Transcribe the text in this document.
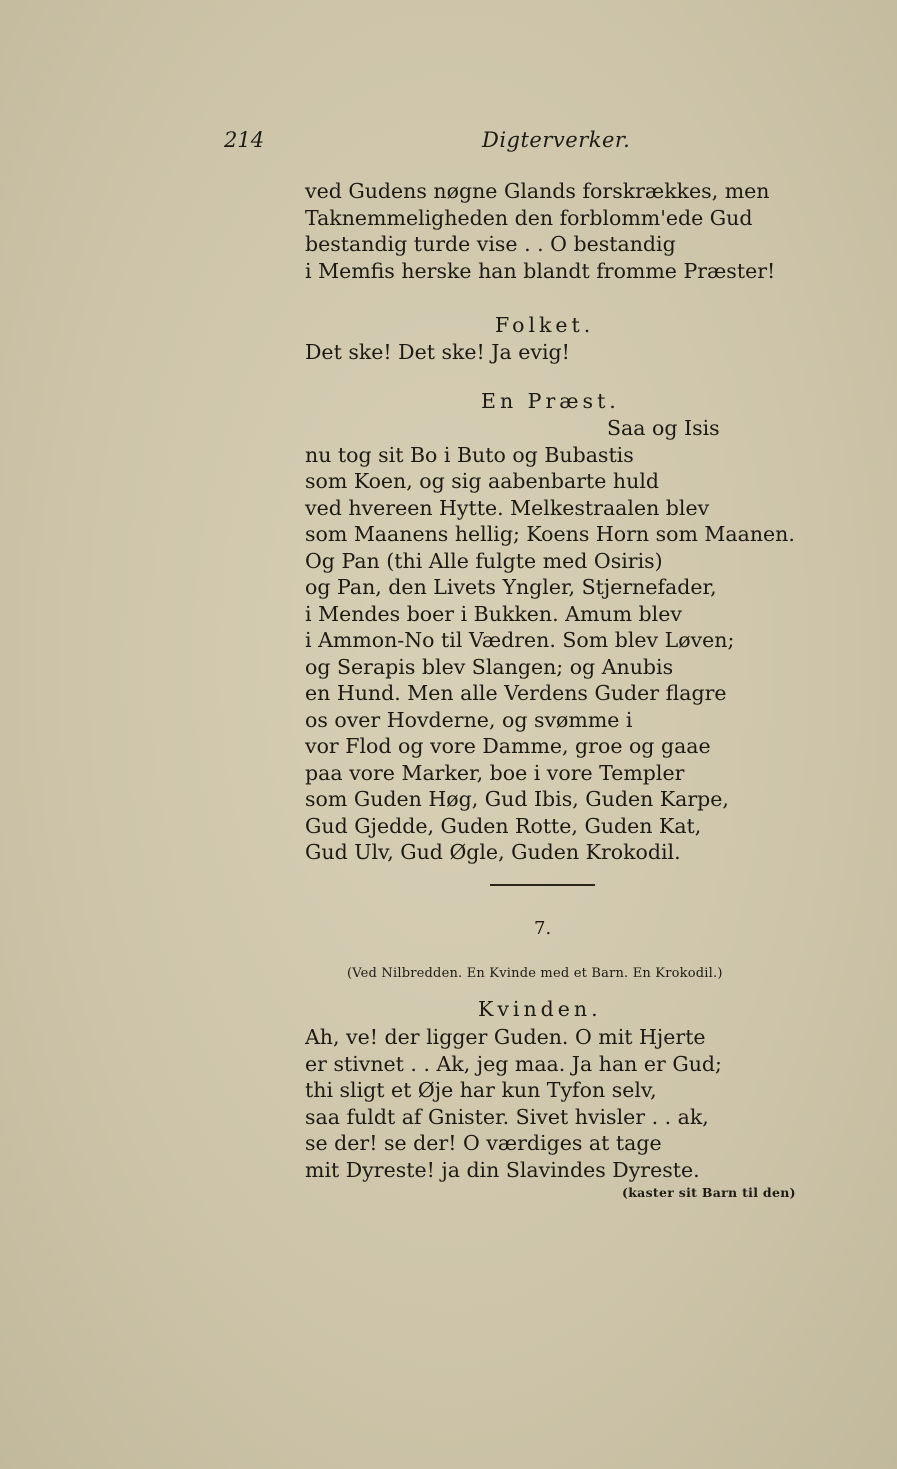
214	Digterverker.
ved Gudens nøgne Glands forskrækkes, men
Taknemmeligheden den forblomm'ede Gud
bestandig turde vise . . O bestandig
i Memfis herske han blandt fromme Præster!
Folket.
Det ske! Det ske! Ja evig!
En Præst.
Saa og Isis
nu tog sit Bo i Buto og Bubastis
som Koen, og sig aabenbarte huld
ved hvereen Hytte. Melkestraalen blev
som Maanens hellig; Koens Horn som Maanen.
Og Pan (thi Alle fulgte med Osiris)
og Pan, den Livets Yngler, Stjernefader,
i Mendes boer i Bukken. Amum blev
i Ammon-No til Vædren. Som blev Løven;
og Serapis blev Slangen; og Anubis
en Hund. Men alle Verdens Guder flagre
os over Hovderne, og svømme i
vor Flod og vore Damme, groe og gaae
paa vore Marker, boe i vore Templer
som Guden Høg, Gud Ibis, Guden Karpe,
Gud Gjedde, Guden Rotte, Guden Kat,
Gud Ulv, Gud Øgle, Guden Krokodil.
7.
(Ved Nilbredden. En Kvinde med et Barn. En Krokodil.)
Kvinden.
Ah, ve! der ligger Guden. O mit Hjerte
er stivnet . . Ak, jeg maa. Ja han er Gud;
thi sligt et Øje har kun Tyfon selv,
saa fuldt af Gnister. Sivet hvisler . . ak,
se der! se der! O værdiges at tage
mit Dyreste! ja din Slavindes Dyreste.
(kaster sit Barn til den)
